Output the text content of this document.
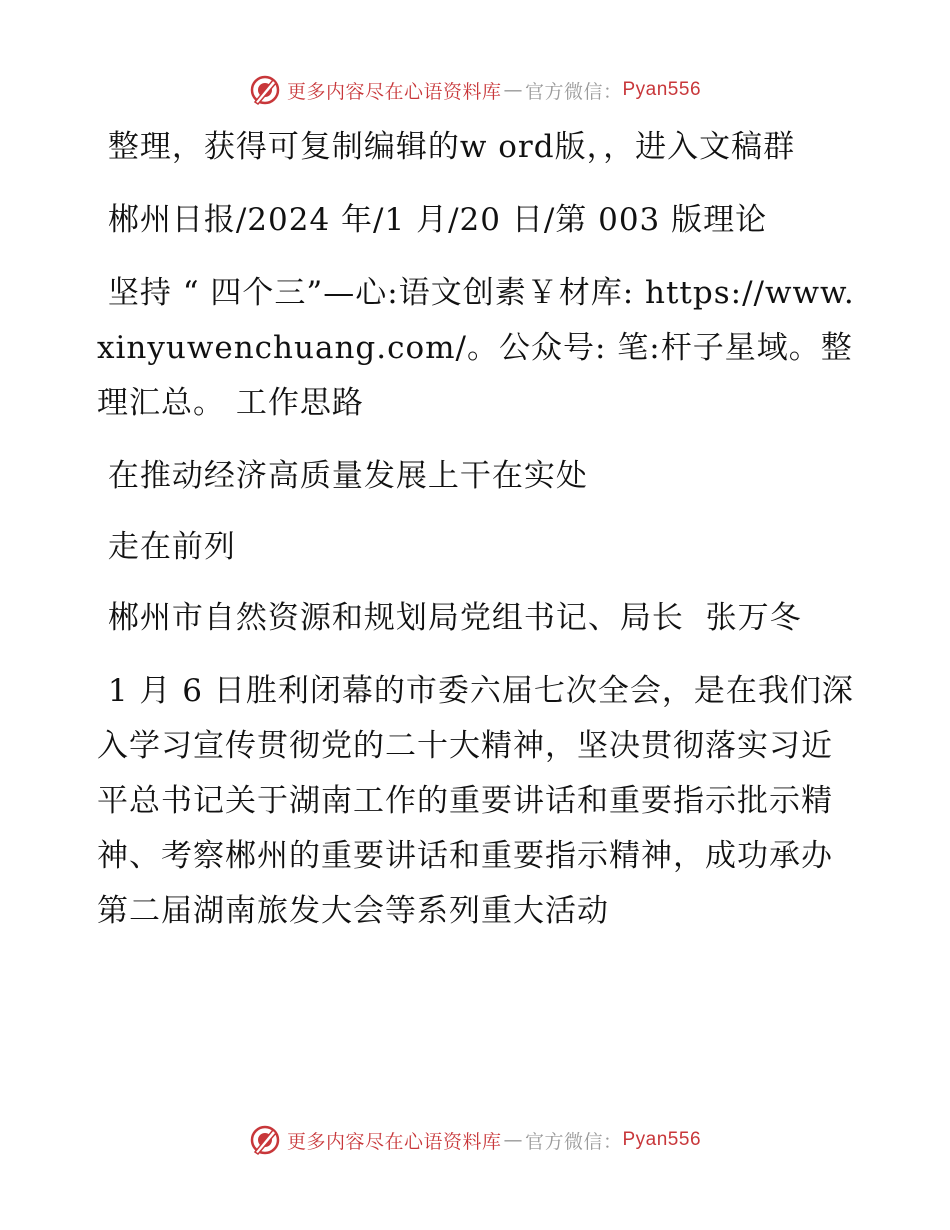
更多内容尽在心语资料库 — 官方微信： Pyan556

整理，获得可复制编辑的w ord版，，进入文稿群

郴州日报/2024 年/1 月/20 日/第 003 版理论

坚持 “ 四个三”—心:语文创素￥材库: https://www.xinyuwenchuang.com/。公众号: 笔:杆子星域。整理汇总。 工作思路

在推动经济高质量发展上干在实处

走在前列

郴州市自然资源和规划局党组书记、局长  张万冬

1 月 6 日胜利闭幕的市委六届七次全会，是在我们深入学习宣传贯彻党的二十大精神，坚决贯彻落实习近平总书记关于湖南工作的重要讲话和重要指示批示精神、考察郴州的重要讲话和重要指示精神，成功承办第二届湖南旅发大会等系列重大活动

更多内容尽在心语资料库 — 官方微信： Pyan556
